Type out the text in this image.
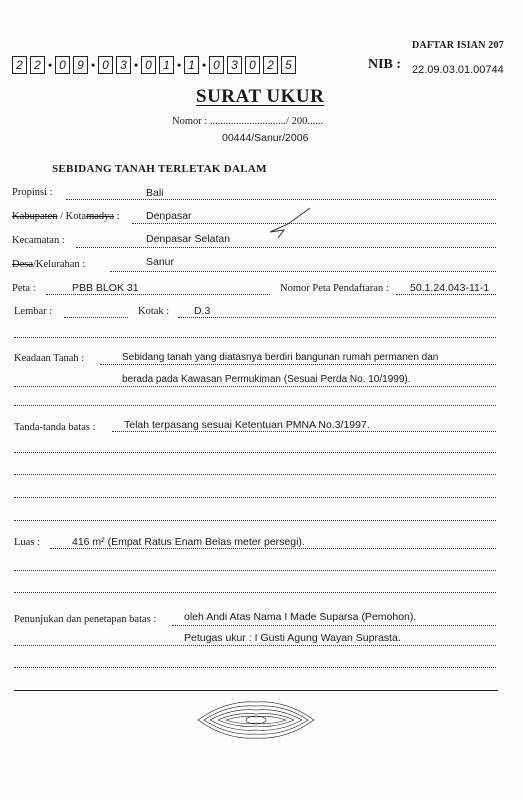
DAFTAR ISIAN 207
2 2 • 0 9 • 0 3 • 0 1 • 1 • 0 3 0 2 5	NIB : 22.09.03.01.00744
SURAT UKUR
Nomor : ............................./ 200......
00444/Sanur/2006
SEBIDANG TANAH TERLETAK DALAM
Propinsi :	Bali
Kabupaten / Kotamadya :	Denpasar
Kecamatan :	Denpasar Selatan
Desa/Kelurahan :	Sanur
Peta :	PBB BLOK 31	Nomor Peta Pendaftaran : 50.1.24.043-11-1
Lembar :	Kotak : D.3
Keadaan Tanah :	Sebidang tanah yang diatasnya berdiri bangunan rumah permanen dan
berada pada Kawasan Permukiman (Sesuai Perda No. 10/1999).
Tanda-tanda batas :	Telah terpasang sesuai Ketentuan PMNA No.3/1997.
Luas :	416 m² (Empat Ratus Enam Belas meter persegi).
Penunjukan dan penetapan batas :	oleh Andi Atas Nama I Made Suparsa (Pemohon).
Petugas ukur : I Gusti Agung Wayan Suprasta.
